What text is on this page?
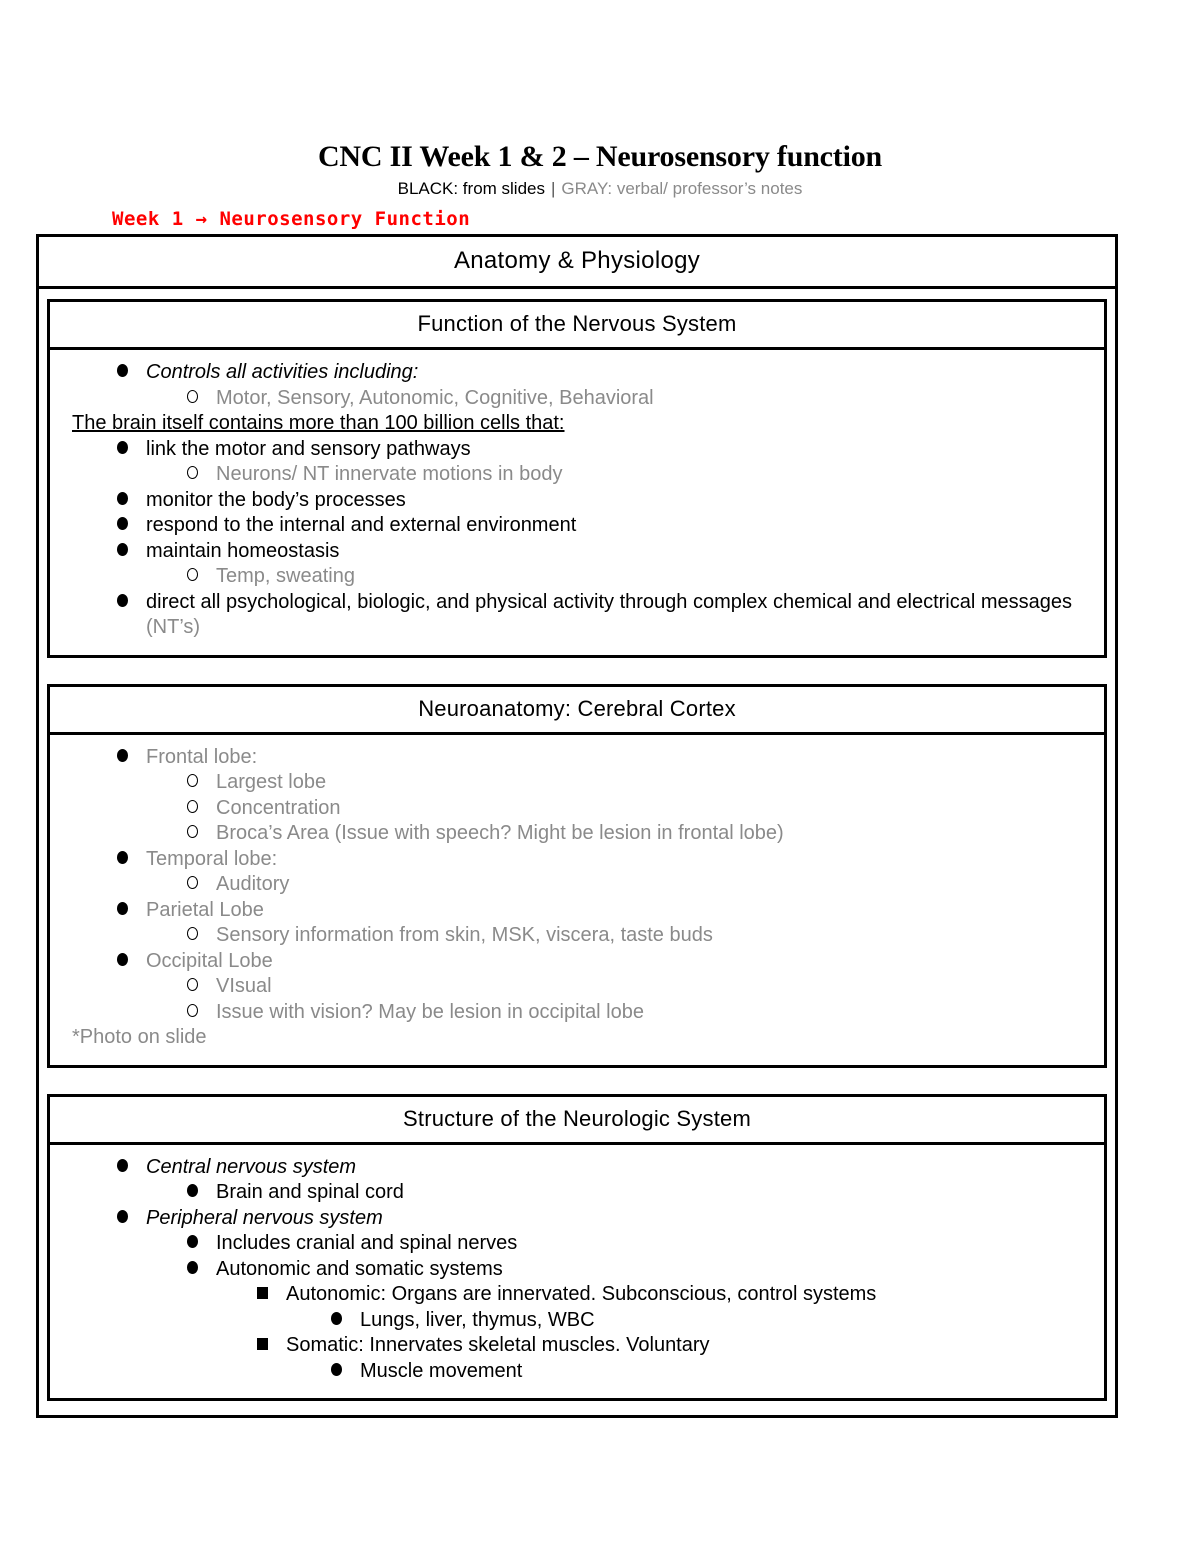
CNC II Week 1 & 2 – Neurosensory function

BLACK: from slides | GRAY: verbal/ professor’s notes

Week 1 → Neurosensory Function

Anatomy & Physiology
Function of the Nervous System
Controls all activities including:
Motor, Sensory, Autonomic, Cognitive, Behavioral
The brain itself contains more than 100 billion cells that:
link the motor and sensory pathways
Neurons/ NT innervate motions in body
monitor the body’s processes
respond to the internal and external environment
maintain homeostasis
Temp, sweating
direct all psychological, biologic, and physical activity through complex chemical and electrical messages (NT’s)
Neuroanatomy: Cerebral Cortex
Frontal lobe:
Largest lobe
Concentration
Broca’s Area (Issue with speech? Might be lesion in frontal lobe)
Temporal lobe:
Auditory
Parietal Lobe
Sensory information from skin, MSK, viscera, taste buds
Occipital Lobe
VIsual
Issue with vision? May be lesion in occipital lobe
*Photo on slide
Structure of the Neurologic System
Central nervous system
Brain and spinal cord
Peripheral nervous system
Includes cranial and spinal nerves
Autonomic and somatic systems
Autonomic: Organs are innervated. Subconscious, control systems
Lungs, liver, thymus, WBC
Somatic: Innervates skeletal muscles. Voluntary
Muscle movement
